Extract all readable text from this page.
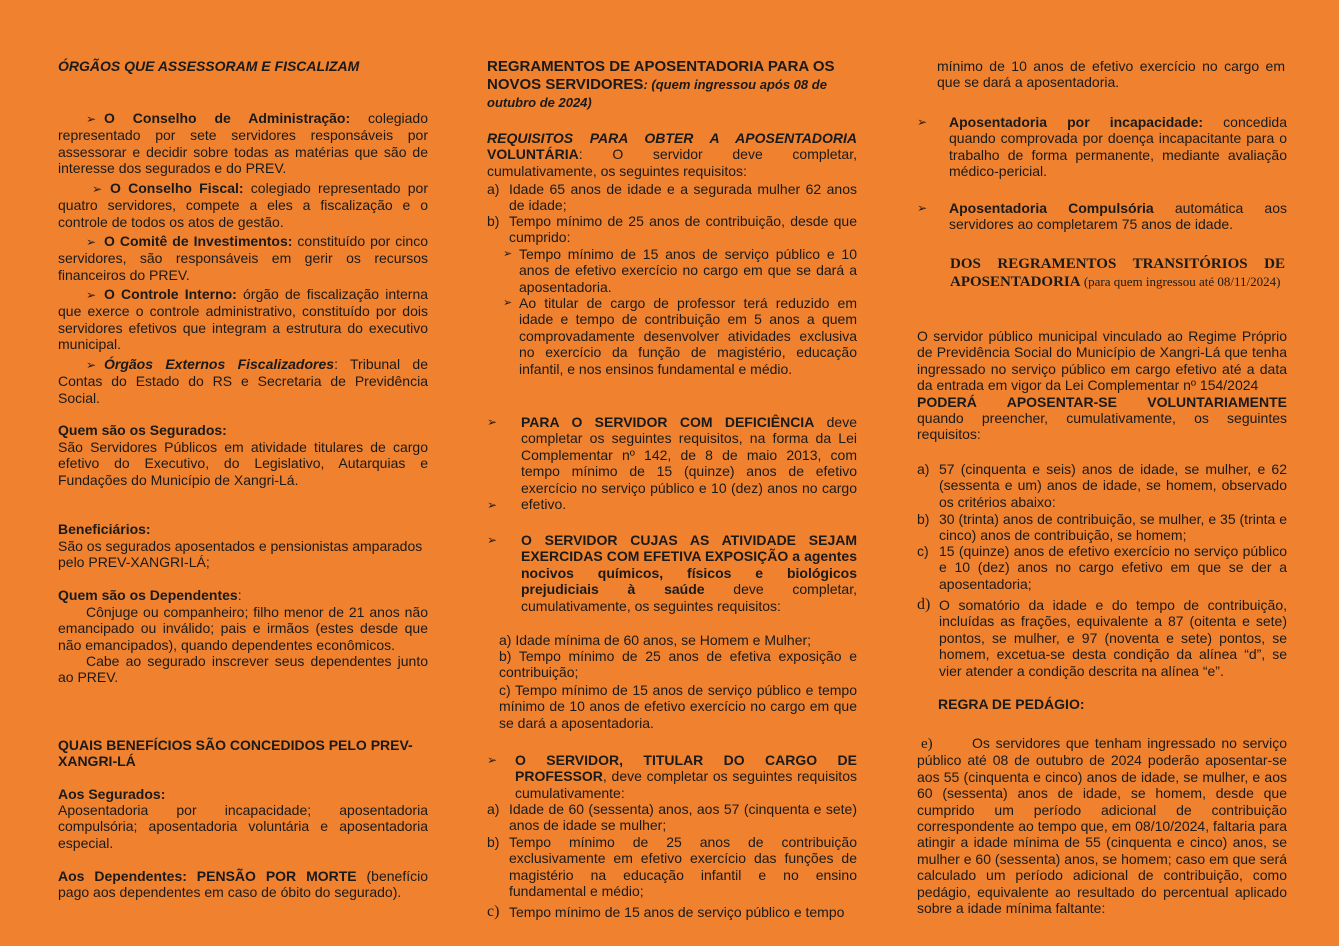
ÓRGÃOS QUE ASSESSORAM E FISCALIZAM

➢ O Conselho de Administração: colegiado representado por sete servidores responsáveis por assessorar e decidir sobre todas as matérias que são de interesse dos segurados e do PREV.

➢ O Conselho Fiscal: colegiado representado por quatro servidores, compete a eles a fiscalização e o controle de todos os atos de gestão.

➢ O Comitê de Investimentos: constituído por cinco servidores, são responsáveis em gerir os recursos financeiros do PREV.

➢ O Controle Interno: órgão de fiscalização interna que exerce o controle administrativo, constituído por dois servidores efetivos que integram a estrutura do executivo municipal.

➢ Órgãos Externos Fiscalizadores: Tribunal de Contas do Estado do RS e Secretaria de Previdência Social.

Quem são os Segurados:

São Servidores Públicos em atividade titulares de cargo efetivo do Executivo, do Legislativo, Autarquias e Fundações do Município de Xangri-Lá.

Beneficiários:

São os segurados aposentados e pensionistas amparados pelo PREV-XANGRI-LÁ;

Quem são os Dependentes:

Cônjuge ou companheiro; filho menor de 21 anos não emancipado ou inválido; pais e irmãos (estes desde que não emancipados), quando dependentes econômicos.

Cabe ao segurado inscrever seus dependentes junto ao PREV.

QUAIS BENEFÍCIOS SÃO CONCEDIDOS PELO PREV-XANGRI-LÁ

Aos Segurados:

Aposentadoria por incapacidade; aposentadoria compulsória; aposentadoria voluntária e aposentadoria especial.

Aos Dependentes: PENSÃO POR MORTE (benefício pago aos dependentes em caso de óbito do segurado).

REGRAMENTOS DE APOSENTADORIA PARA OS NOVOS SERVIDORES: (quem ingressou após 08 de outubro de 2024)

REQUISITOS PARA OBTER A APOSENTADORIA VOLUNTÁRIA: O servidor deve completar, cumulativamente, os seguintes requisitos:

a) Idade 65 anos de idade e a segurada mulher 62 anos de idade;
b) Tempo mínimo de 25 anos de contribuição, desde que cumprido:
➢ Tempo mínimo de 15 anos de serviço público e 10 anos de efetivo exercício no cargo em que se dará a aposentadoria.
➢ Ao titular de cargo de professor terá reduzido em idade e tempo de contribuição em 5 anos a quem comprovadamente desenvolver atividades exclusiva no exercício da função de magistério, educação infantil, e nos ensinos fundamental e médio.
➢	PARA O SERVIDOR COM DEFICIÊNCIA deve completar os seguintes requisitos, na forma da Lei Complementar nº 142, de 8 de maio 2013, com tempo mínimo de 15 (quinze) anos de efetivo exercício no serviço público e 10 (dez) anos no cargo efetivo.
➢
➢	O SERVIDOR CUJAS AS ATIVIDADE SEJAM EXERCIDAS COM EFETIVA EXPOSIÇÃO a agentes nocivos químicos, físicos e biológicos prejudiciais à saúde deve completar, cumulativamente, os seguintes requisitos:

a) Idade mínima de 60 anos, se Homem e Mulher;

b) Tempo mínimo de 25 anos de efetiva exposição e contribuição;

c) Tempo mínimo de 15 anos de serviço público e tempo mínimo de 10 anos de efetivo exercício no cargo em que se dará a aposentadoria.

➢	O SERVIDOR, TITULAR DO CARGO DE PROFESSOR, deve completar os seguintes requisitos cumulativamente:
a) Idade de 60 (sessenta) anos, aos 57 (cinquenta e sete) anos de idade se mulher;
b) Tempo mínimo de 25 anos de contribuição exclusivamente em efetivo exercício das funções de magistério na educação infantil e no ensino fundamental e médio;
c) Tempo mínimo de 15 anos de serviço público e tempo

mínimo de 10 anos de efetivo exercício no cargo em que se dará a aposentadoria.

➢	Aposentadoria por incapacidade: concedida quando comprovada por doença incapacitante para o trabalho de forma permanente, mediante avaliação médico-pericial.
➢	Aposentadoria Compulsória automática aos servidores ao completarem 75 anos de idade.

DOS REGRAMENTOS TRANSITÓRIOS DE APOSENTADORIA (para quem ingressou até 08/11/2024)

O servidor público municipal vinculado ao Regime Próprio de Previdência Social do Município de Xangri-Lá que tenha ingressado no serviço público em cargo efetivo até a data da entrada em vigor da Lei Complementar nº 154/2024
PODERÁ APOSENTAR-SE VOLUNTARIAMENTE
quando preencher, cumulativamente, os seguintes requisitos:

a) 57 (cinquenta e seis) anos de idade, se mulher, e 62 (sessenta e um) anos de idade, se homem, observado os critérios abaixo:
b) 30 (trinta) anos de contribuição, se mulher, e 35 (trinta e cinco) anos de contribuição, se homem;
c) 15 (quinze) anos de efetivo exercício no serviço público e 10 (dez) anos no cargo efetivo em que se der a aposentadoria;
d) O somatório da idade e do tempo de contribuição, incluídas as frações, equivalente a 87 (oitenta e sete) pontos, se mulher, e 97 (noventa e sete) pontos, se homem, excetua-se desta condição da alínea “d”, se vier atender a condição descrita na alínea “e”.

REGRA DE PEDÁGIO:

e)	Os servidores que tenham ingressado no serviço público até 08 de outubro de 2024 poderão aposentar-se aos 55 (cinquenta e cinco) anos de idade, se mulher, e aos 60 (sessenta) anos de idade, se homem, desde que cumprido um período adicional de contribuição correspondente ao tempo que, em 08/10/2024, faltaria para atingir a idade mínima de 55 (cinquenta e cinco) anos, se mulher e 60 (sessenta) anos, se homem; caso em que será calculado um período adicional de contribuição, como pedágio, equivalente ao resultado do percentual aplicado sobre a idade mínima faltante:
